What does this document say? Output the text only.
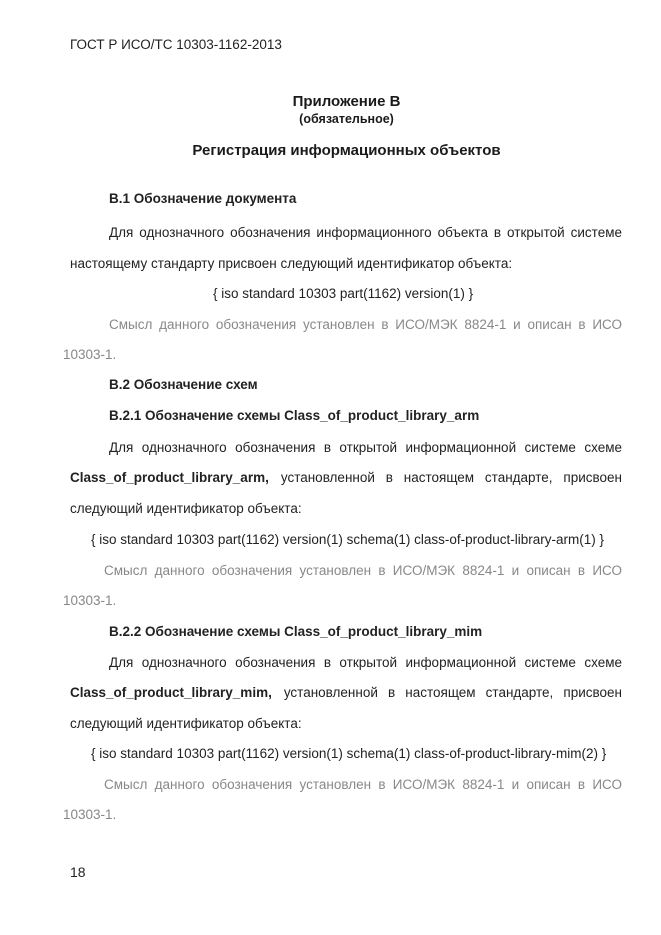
ГОСТ Р ИСО/ТС 10303-1162-2013
Приложение В
(обязательное)
Регистрация информационных объектов
В.1 Обозначение документа
Для однозначного обозначения информационного объекта в открытой системе
настоящему стандарту присвоен следующий идентификатор объекта:
{ iso standard 10303 part(1162) version(1) }
Смысл данного обозначения установлен в ИСО/МЭК 8824-1 и описан в ИСО
10303-1.
В.2 Обозначение схем
В.2.1 Обозначение схемы Class_of_product_library_arm
Для однозначного обозначения в открытой информационной системе схеме
Class_of_product_library_arm, установленной в настоящем стандарте, присвоен
следующий идентификатор объекта:
{ iso standard 10303 part(1162) version(1) schema(1) class-of-product-library-arm(1) }
Смысл данного обозначения установлен в ИСО/МЭК 8824-1 и описан в ИСО
10303-1.
В.2.2 Обозначение схемы Class_of_product_library_mim
Для однозначного обозначения в открытой информационной системе схеме
Class_of_product_library_mim, установленной в настоящем стандарте, присвоен
следующий идентификатор объекта:
{ iso standard 10303 part(1162) version(1) schema(1) class-of-product-library-mim(2) }
Смысл данного обозначения установлен в ИСО/МЭК 8824-1 и описан в ИСО
10303-1.
18
